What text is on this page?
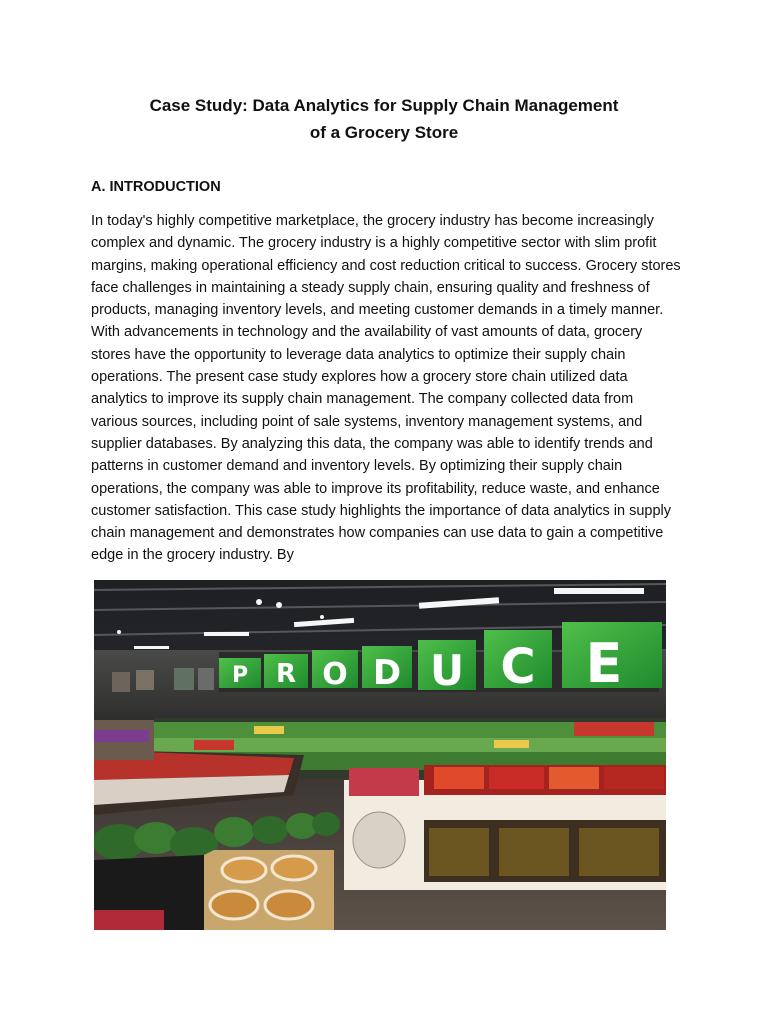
Case Study: Data Analytics for Supply Chain Management
of a Grocery Store
A. INTRODUCTION

In today's highly competitive marketplace, the grocery industry has become increasingly complex and dynamic. The grocery industry is a highly competitive sector with slim profit margins, making operational efficiency and cost reduction critical to success. Grocery stores face challenges in maintaining a steady supply chain, ensuring quality and freshness of products, managing inventory levels, and meeting customer demands in a timely manner. With advancements in technology and the availability of vast amounts of data, grocery stores have the opportunity to leverage data analytics to optimize their supply chain operations. The present case study explores how a grocery store chain utilized data analytics to improve its supply chain management. The company collected data from various sources, including point of sale systems, inventory management systems, and supplier databases. By analyzing this data, the company was able to identify trends and patterns in customer demand and inventory levels. By optimizing their supply chain operations, the company was able to improve its profitability, reduce waste, and enhance customer satisfaction. This case study highlights the importance of data analytics in supply chain management and demonstrates how companies can use data to gain a competitive edge in the grocery industry. By

P R O D U C E
